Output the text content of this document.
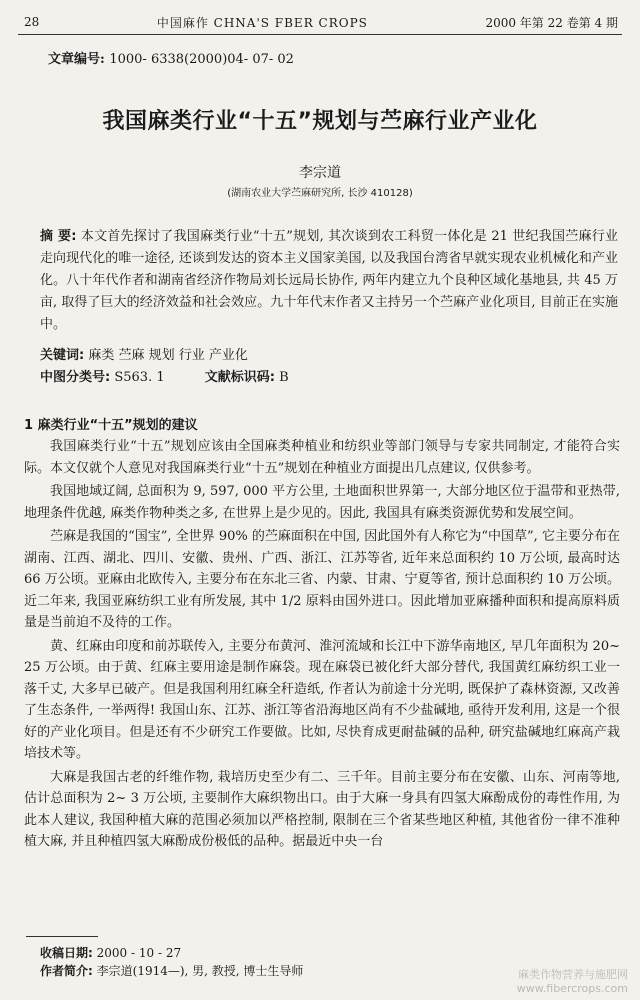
28	中国麻作 CHNA'S FBER CROPS	2000 年第 22 卷第 4 期
文章编号: 1000- 6338(2000)04- 07- 02
我国麻类行业“十五”规划与苎麻行业产业化
李宗道
(湖南农业大学苎麻研究所, 长沙 410128)
摘 要: 本文首先探讨了我国麻类行业“十五”规划, 其次谈到农工科贸一体化是 21 世纪我国苎麻行业走向现代化的唯一途径, 还谈到发达的资本主义国家美国, 以及我国台湾省早就实现农业机械化和产业化。八十年代作者和湖南省经济作物局刘长远局长协作, 两年内建立九个良种区域化基地县, 共 45 万亩, 取得了巨大的经济效益和社会效应。九十年代末作者又主持另一个苎麻产业化项目, 目前正在实施中。
关键词: 麻类 苎麻 规划 行业 产业化
中图分类号: S563. 1	文献标识码: B
1 麻类行业“十五”规划的建议

我国麻类行业“十五”规划应该由全国麻类种植业和纺织业等部门领导与专家共同制定, 才能符合实际。本文仅就个人意见对我国麻类行业“十五”规划在种植业方面提出几点建议, 仅供参考。

我国地域辽阔, 总面积为 9, 597, 000 平方公里, 土地面积世界第一, 大部分地区位于温带和亚热带, 地理条件优越, 麻类作物种类之多, 在世界上是少见的。因此, 我国具有麻类资源优势和发展空间。

苎麻是我国的“国宝”, 全世界 90% 的苎麻面积在中国, 因此国外有人称它为“中国草”, 它主要分布在湖南、江西、湖北、四川、安徽、贵州、广西、浙江、江苏等省, 近年来总面积约 10 万公顷, 最高时达 66 万公顷。亚麻由北欧传入, 主要分布在东北三省、内蒙、甘肃、宁夏等省, 预计总面积约 10 万公顷。近二年来, 我国亚麻纺织工业有所发展, 其中 1/2 原料由国外进口。因此增加亚麻播种面积和提高原料质量是当前迫不及待的工作。

黄、红麻由印度和前苏联传入, 主要分布黄河、淮河流域和长江中下游华南地区, 早几年面积为 20~ 25 万公顷。由于黄、红麻主要用途是制作麻袋。现在麻袋已被化纤大部分替代, 我国黄红麻纺织工业一落千丈, 大多早已破产。但是我国利用红麻全秆造纸, 作者认为前途十分光明, 既保护了森林资源, 又改善了生态条件, 一举两得! 我国山东、江苏、浙江等省沿海地区尚有不少盐碱地, 亟待开发利用, 这是一个很好的产业化项目。但是还有不少研究工作要做。比如, 尽快育成更耐盐碱的品种, 研究盐碱地红麻高产栽培技术等。

大麻是我国古老的纤维作物, 栽培历史至少有二、三千年。目前主要分布在安徽、山东、河南等地, 估计总面积为 2~ 3 万公顷, 主要制作大麻织物出口。由于大麻一身具有四氢大麻酚成份的毒性作用, 为此本人建议, 我国种植大麻的范围必须加以严格控制, 限制在三个省某些地区种植, 其他省份一律不准种植大麻, 并且种植四氢大麻酚成份极低的品种。据最近中央一台

收稿日期: 2000 - 10 - 27
作者简介: 李宗道(1914—), 男, 教授, 博士生导师	麻类作物营养与施肥网
www.fibercrops.com
